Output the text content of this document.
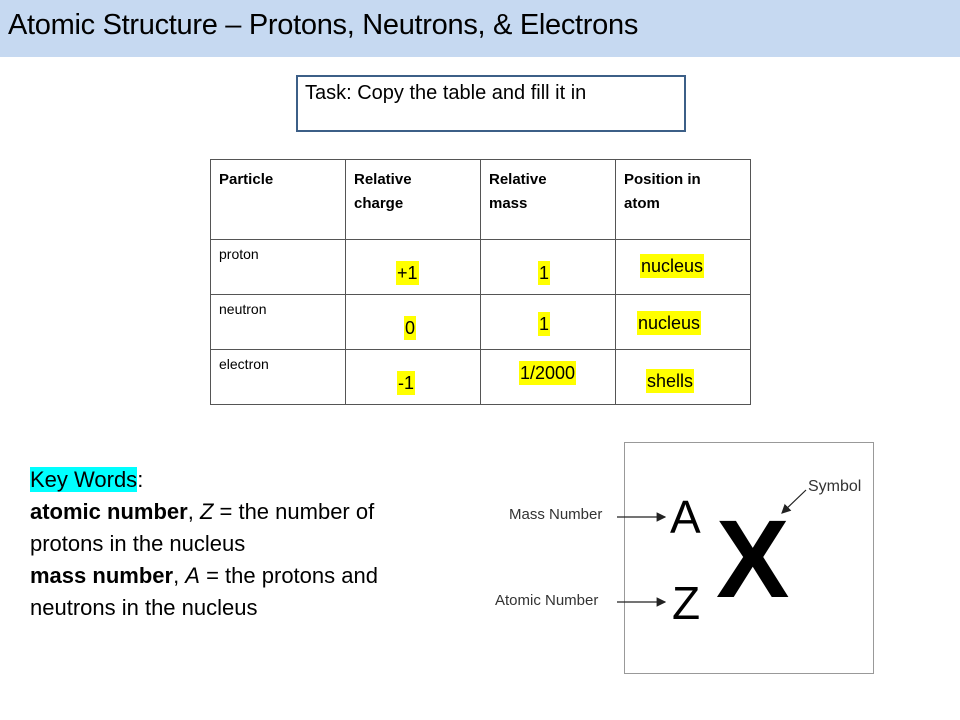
Atomic Structure – Protons, Neutrons, & Electrons
Task: Copy the table and fill it in
Particle	Relative charge	Relative mass	Position in atom

proton	+1	1	nucleus

neutron	0	1	nucleus

electron	-1	1/2000	shells
Key Words:
atomic number, Z = the number of protons in the nucleus
mass number, A = the protons and neutrons in the nucleus
Mass Number
Atomic Number
Symbol
A
Z X
